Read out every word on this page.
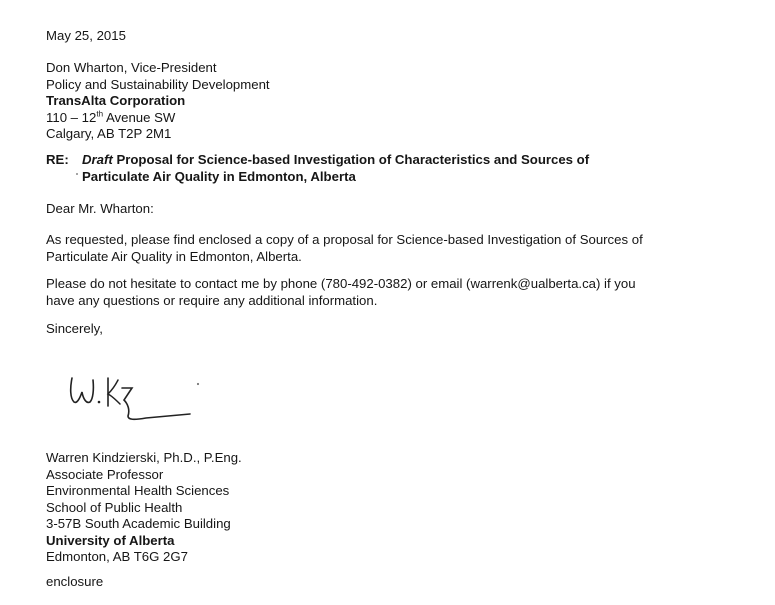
May 25, 2015
Don Wharton, Vice-President
Policy and Sustainability Development
TransAlta Corporation
110 – 12th Avenue SW
Calgary, AB T2P 2M1
RE: Draft Proposal for Science-based Investigation of Characteristics and Sources of
Particulate Air Quality in Edmonton, Alberta
Dear Mr. Wharton:
As requested, please find enclosed a copy of a proposal for Science-based Investigation of Sources of
Particulate Air Quality in Edmonton, Alberta.
Please do not hesitate to contact me by phone (780-492-0382) or email (warrenk@ualberta.ca) if you
have any questions or require any additional information.
Sincerely,
Warren Kindzierski, Ph.D., P.Eng.
Associate Professor
Environmental Health Sciences
School of Public Health
3-57B South Academic Building
University of Alberta
Edmonton, AB T6G 2G7
enclosure
